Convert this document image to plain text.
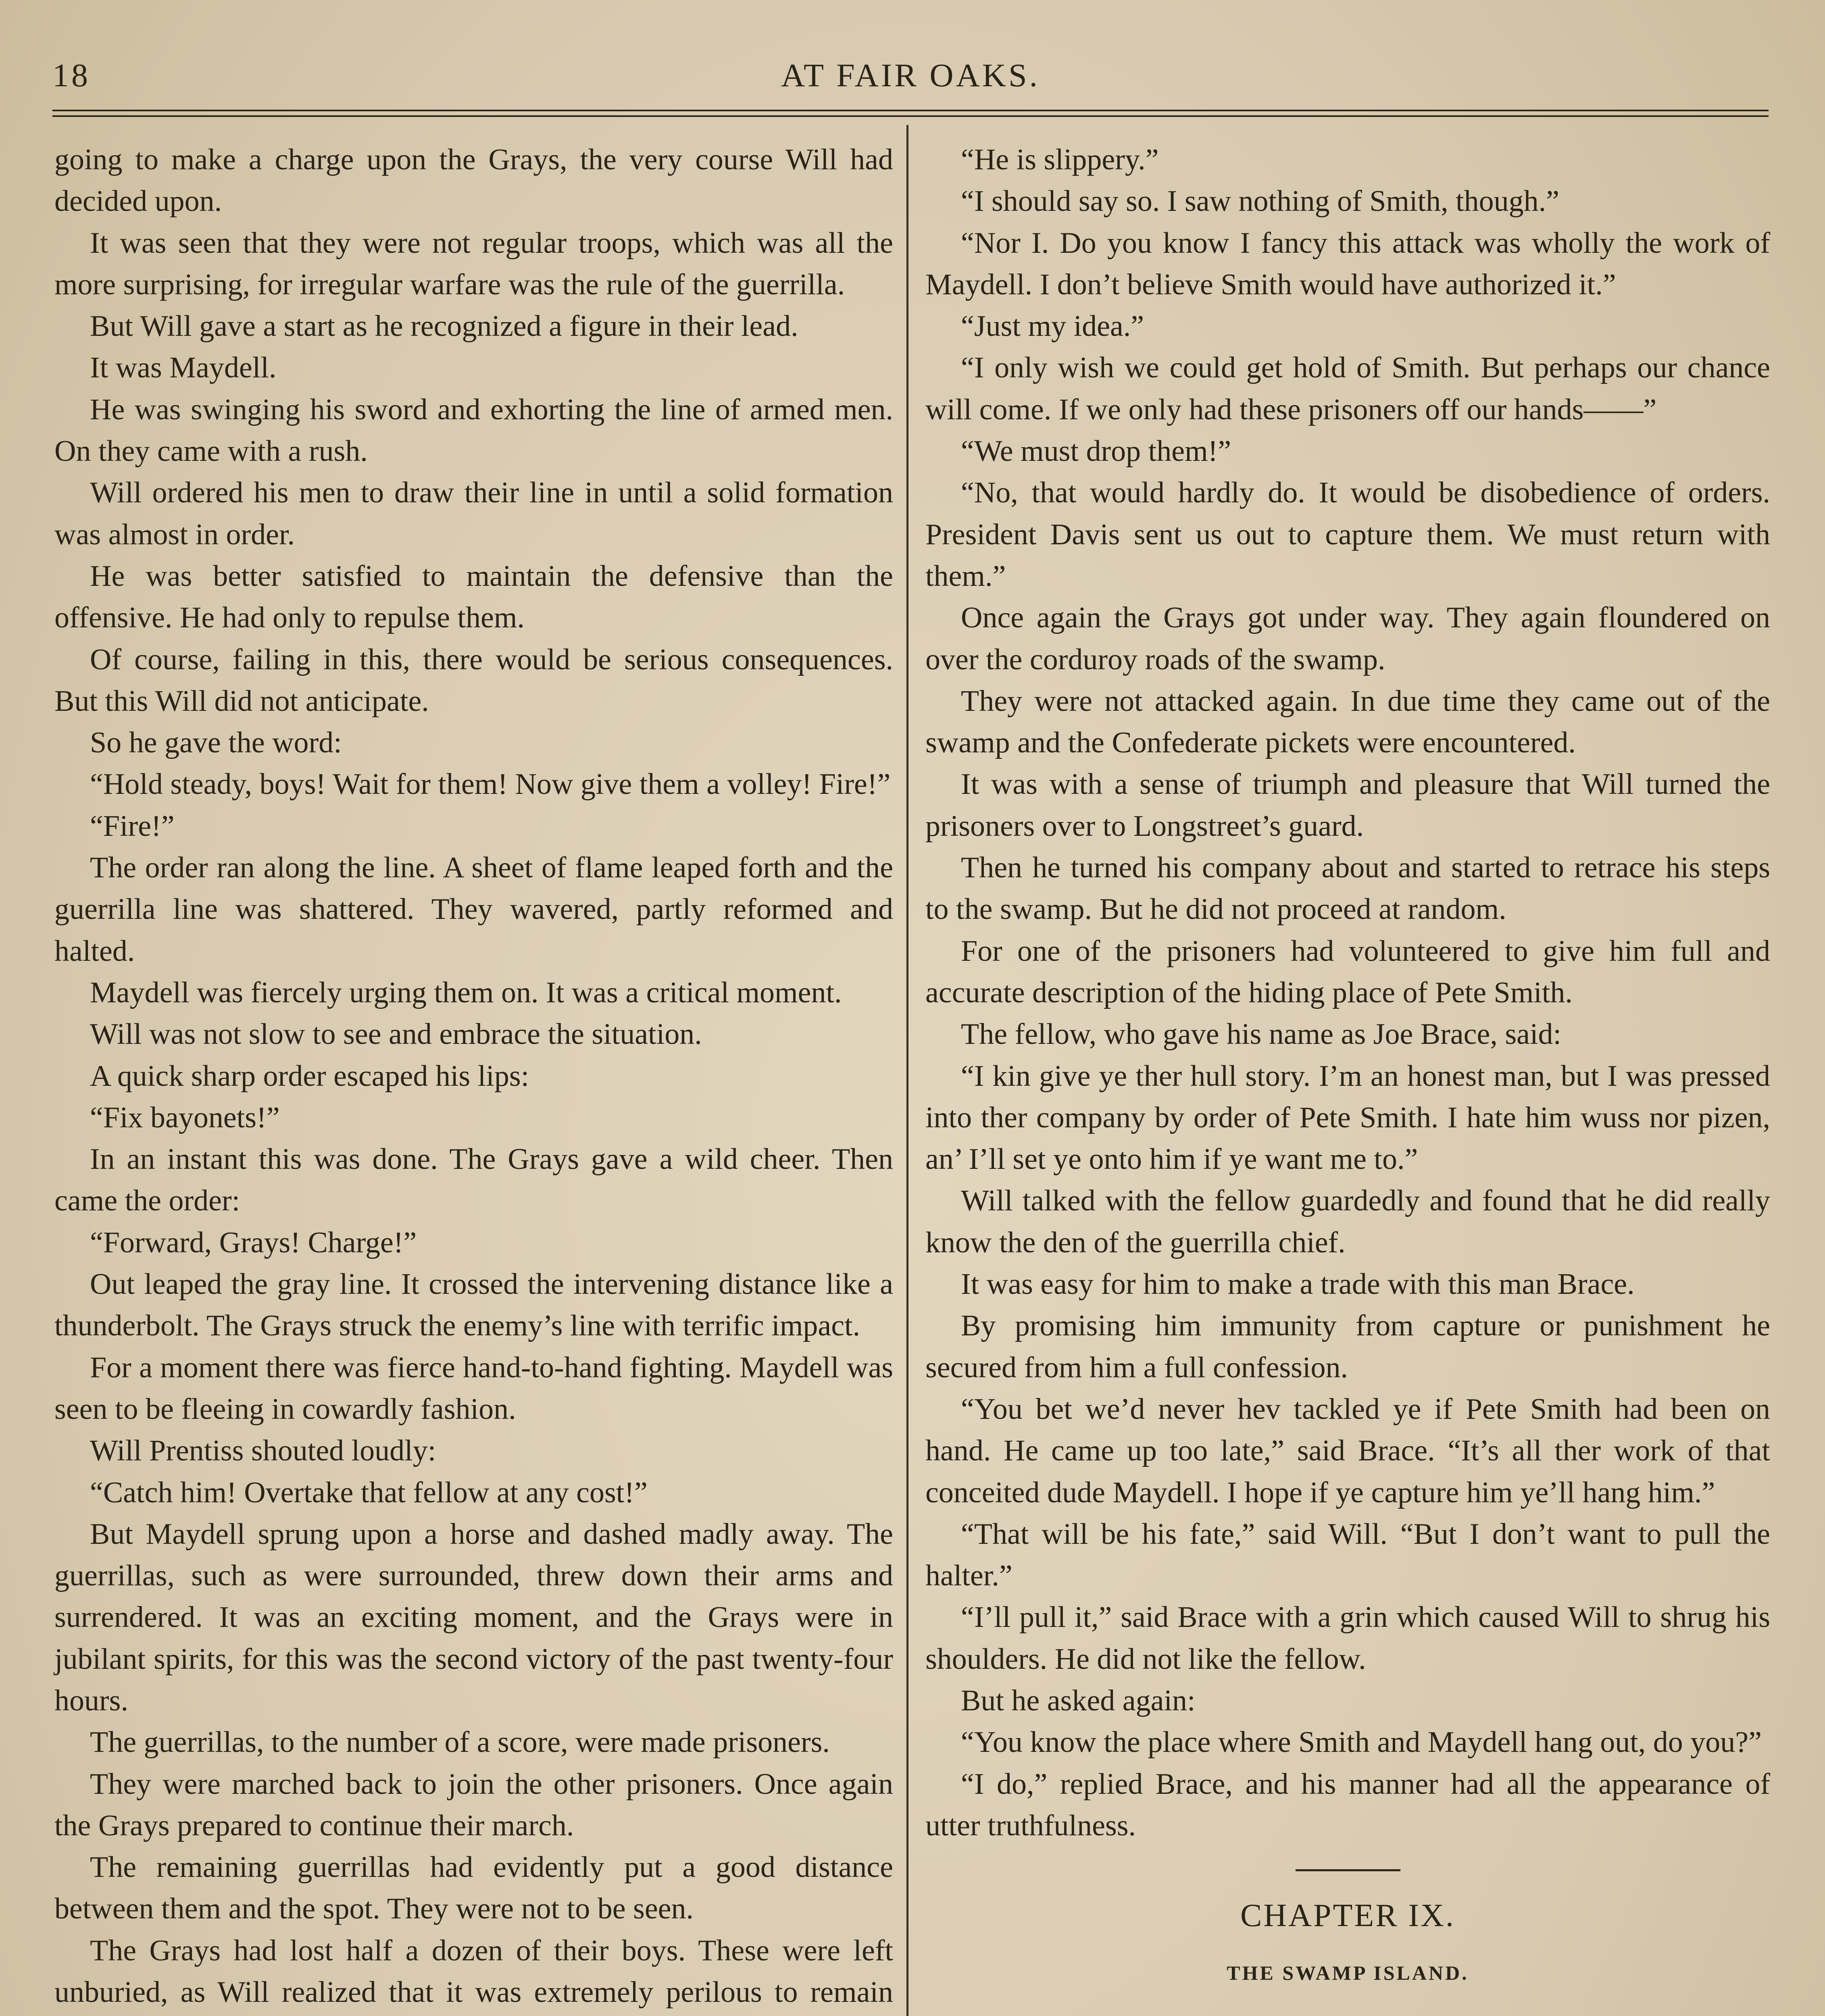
18	AT FAIR OAKS.

going to make a charge upon the Grays, the very course Will had decided upon.

It was seen that they were not regular troops, which was all the more surprising, for irregular warfare was the rule of the guerrilla.

But Will gave a start as he recognized a figure in their lead.

It was Maydell.

He was swinging his sword and exhorting the line of armed men. On they came with a rush.

Will ordered his men to draw their line in until a solid formation was almost in order.

He was better satisfied to maintain the defensive than the offensive. He had only to repulse them.

Of course, failing in this, there would be serious consequences. But this Will did not anticipate.

So he gave the word:

“Hold steady, boys! Wait for them! Now give them a volley! Fire!”

“Fire!”

The order ran along the line. A sheet of flame leaped forth and the guerrilla line was shattered. They wavered, partly reformed and halted.

Maydell was fiercely urging them on. It was a critical moment.

Will was not slow to see and embrace the situation.

A quick sharp order escaped his lips:

“Fix bayonets!”

In an instant this was done. The Grays gave a wild cheer. Then came the order:

“Forward, Grays! Charge!”

Out leaped the gray line. It crossed the intervening distance like a thunderbolt. The Grays struck the enemy’s line with terrific impact.

For a moment there was fierce hand-to-hand fighting. Maydell was seen to be fleeing in cowardly fashion.

Will Prentiss shouted loudly:

“Catch him! Overtake that fellow at any cost!”

But Maydell sprung upon a horse and dashed madly away. The guerrillas, such as were surrounded, threw down their arms and surrendered. It was an exciting moment, and the Grays were in jubilant spirits, for this was the second victory of the past twenty-four hours.

The guerrillas, to the number of a score, were made prisoners.

They were marched back to join the other prisoners. Once again the Grays prepared to continue their march.

The remaining guerrillas had evidently put a good distance between them and the spot. They were not to be seen.

The Grays had lost half a dozen of their boys. These were left unburied, as Will realized that it was extremely perilous to remain

“He is slippery.”

“I should say so. I saw nothing of Smith, though.”

“Nor I. Do you know I fancy this attack was wholly the work of Maydell. I don’t believe Smith would have authorized it.”

“Just my idea.”

“I only wish we could get hold of Smith. But perhaps our chance will come. If we only had these prisoners off our hands——”

“We must drop them!”

“No, that would hardly do. It would be disobedience of orders. President Davis sent us out to capture them. We must return with them.”

Once again the Grays got under way. They again floundered on over the corduroy roads of the swamp.

They were not attacked again. In due time they came out of the swamp and the Confederate pickets were encountered.

It was with a sense of triumph and pleasure that Will turned the prisoners over to Longstreet’s guard.

Then he turned his company about and started to retrace his steps to the swamp. But he did not proceed at random.

For one of the prisoners had volunteered to give him full and accurate description of the hiding place of Pete Smith.

The fellow, who gave his name as Joe Brace, said:

“I kin give ye ther hull story. I’m an honest man, but I was pressed into ther company by order of Pete Smith. I hate him wuss nor pizen, an’ I’ll set ye onto him if ye want me to.”

Will talked with the fellow guardedly and found that he did really know the den of the guerrilla chief.

It was easy for him to make a trade with this man Brace.

By promising him immunity from capture or punishment he secured from him a full confession.

“You bet we’d never hev tackled ye if Pete Smith had been on hand. He came up too late,” said Brace. “It’s all ther work of that conceited dude Maydell. I hope if ye capture him ye’ll hang him.”

“That will be his fate,” said Will. “But I don’t want to pull the halter.”

“I’ll pull it,” said Brace with a grin which caused Will to shrug his shoulders. He did not like the fellow.

But he asked again:

“You know the place where Smith and Maydell hang out, do you?”

“I do,” replied Brace, and his manner had all the appearance of utter truthfulness.

CHAPTER IX.
THE SWAMP ISLAND.
